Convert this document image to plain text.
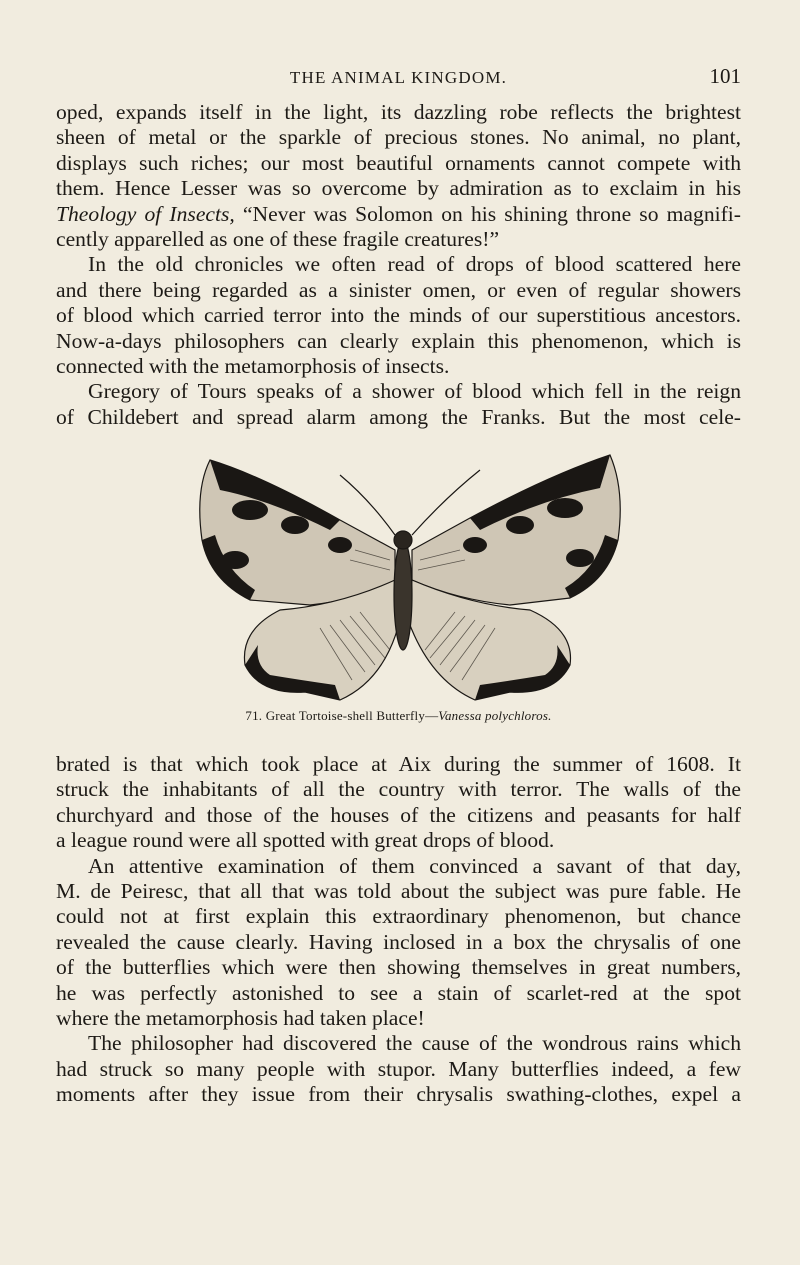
THE ANIMAL KINGDOM.	101
oped, expands itself in the light, its dazzling robe reflects the brightest
sheen of metal or the sparkle of precious stones. No animal, no plant,
displays such riches; our most beautiful ornaments cannot compete with
them. Hence Lesser was so overcome by admiration as to exclaim in his
Theology of Insects, “Never was Solomon on his shining throne so magnifi-
cently apparelled as one of these fragile creatures!”
In the old chronicles we often read of drops of blood scattered here
and there being regarded as a sinister omen, or even of regular showers
of blood which carried terror into the minds of our superstitious ancestors.
Now-a-days philosophers can clearly explain this phenomenon, which is
connected with the metamorphosis of insects.
Gregory of Tours speaks of a shower of blood which fell in the reign
of Childebert and spread alarm among the Franks. But the most cele-
71. Great Tortoise-shell Butterfly—Vanessa polychloros.
brated is that which took place at Aix during the summer of 1608. It
struck the inhabitants of all the country with terror. The walls of the
churchyard and those of the houses of the citizens and peasants for half
a league round were all spotted with great drops of blood.
An attentive examination of them convinced a savant of that day,
M. de Peiresc, that all that was told about the subject was pure fable. He
could not at first explain this extraordinary phenomenon, but chance
revealed the cause clearly. Having inclosed in a box the chrysalis of one
of the butterflies which were then showing themselves in great numbers,
he was perfectly astonished to see a stain of scarlet-red at the spot
where the metamorphosis had taken place!
The philosopher had discovered the cause of the wondrous rains which
had struck so many people with stupor. Many butterflies indeed, a few
moments after they issue from their chrysalis swathing-clothes, expel a
